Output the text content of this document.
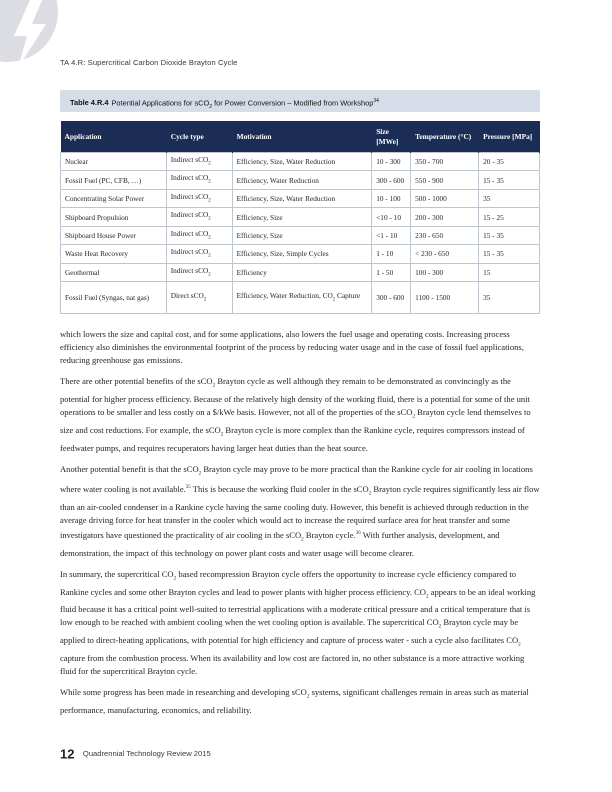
TA 4.R: Supercritical Carbon Dioxide Brayton Cycle
Table 4.R.4 Potential Applications for sCO$_2$ for Power Conversion – Modified from Workshop$^{34}$
Application	Cycle type	Motivation	Size [MWe]	Temperature (°C)	Pressure [MPa]
Nuclear	Indirect sCO$_2$	Efficiency, Size, Water Reduction	10 - 300	350 - 700	20 - 35
Fossil Fuel (PC, CFB, …)	Indirect sCO$_2$	Efficiency, Water Reduction	300 - 600	550 - 900	15 - 35
Concentrating Solar Power	Indirect sCO$_2$	Efficiency, Size, Water Reduction	10 - 100	500 - 1000	35
Shipboard Propulsion	Indirect sCO$_2$	Efficiency, Size	<10 - 10	200 - 300	15 - 25
Shipboard House Power	Indirect sCO$_2$	Efficiency, Size	<1 - 10	230 - 650	15 - 35
Waste Heat Recovery	Indirect sCO$_2$	Efficiency, Size, Simple Cycles	1 - 10	< 230 - 650	15 - 35
Geothermal	Indirect sCO$_2$	Efficiency	1 - 50	100 - 300	15
Fossil Fuel (Syngas, nat gas)	Direct sCO$_2$	Efficiency, Water Reduction, $CO_2$ Capture	300 - 600	1100 - 1500	35

which lowers the size and capital cost, and for some applications, also lowers the fuel usage and operating costs. Increasing process efficiency also diminishes the environmental footprint of the process by reducing water usage and in the case of fossil fuel applications, reducing greenhouse gas emissions.

There are other potential benefits of the sCO$_2$ Brayton cycle as well although they remain to be demonstrated as convincingly as the potential for higher process efficiency. Because of the relatively high density of the working fluid, there is a potential for some of the unit operations to be smaller and less costly on a $/kWe basis. However, not all of the properties of the sCO$_2$ Brayton cycle lend themselves to size and cost reductions. For example, the sCO$_2$ Brayton cycle is more complex than the Rankine cycle, requires compressors instead of feedwater pumps, and requires recuperators having larger heat duties than the heat source.

Another potential benefit is that the sCO$_2$ Brayton cycle may prove to be more practical than the Rankine cycle for air cooling in locations where water cooling is not available.$^{35}$ This is because the working fluid cooler in the sCO$_2$ Brayton cycle requires significantly less air flow than an air-cooled condenser in a Rankine cycle having the same cooling duty. However, this benefit is achieved through reduction in the average driving force for heat transfer in the cooler which would act to increase the required surface area for heat transfer and some investigators have questioned the practicality of air cooling in the sCO$_2$ Brayton cycle.$^{36}$ With further analysis, development, and demonstration, the impact of this technology on power plant costs and water usage will become clearer.

In summary, the supercritical $CO_2$ based recompression Brayton cycle offers the opportunity to increase cycle efficiency compared to Rankine cycles and some other Brayton cycles and lead to power plants with higher process efficiency. $CO_2$ appears to be an ideal working fluid because it has a critical point well-suited to terrestrial applications with a moderate critical pressure and a critical temperature that is low enough to be reached with ambient cooling when the wet cooling option is available. The supercritical $CO_2$ Brayton cycle may be applied to direct-heating applications, with potential for high efficiency and capture of process water - such a cycle also facilitates $CO_2$ capture from the combustion process. When its availability and low cost are factored in, no other substance is a more attractive working fluid for the supercritical Brayton cycle.

While some progress has been made in researching and developing sCO$_2$ systems, significant challenges remain in areas such as material performance, manufacturing, economics, and reliability.

12 Quadrennial Technology Review 2015
